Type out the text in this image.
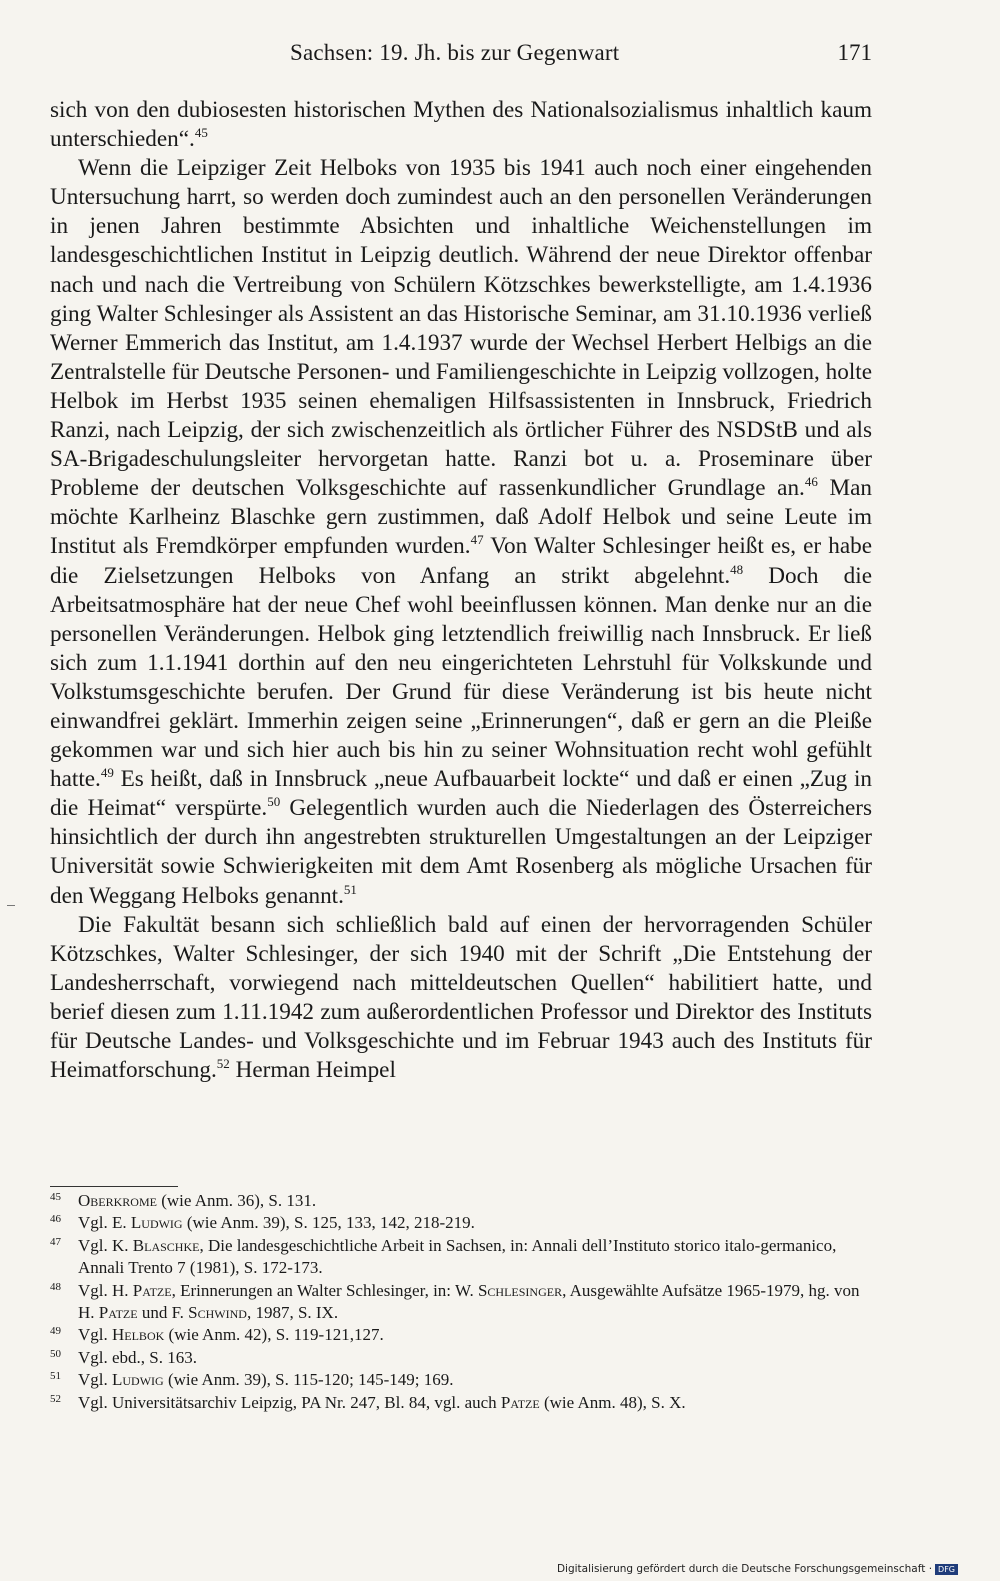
Sachsen: 19. Jh. bis zur Gegenwart	171

sich von den dubiosesten historischen Mythen des Nationalsozialismus inhaltlich kaum unterschieden“.$^{45}$

Wenn die Leipziger Zeit Helboks von 1935 bis 1941 auch noch einer eingehenden Untersuchung harrt, so werden doch zumindest auch an den personellen Veränderungen in jenen Jahren bestimmte Absichten und inhaltliche Weichenstellungen im landesgeschichtlichen Institut in Leipzig deutlich. Während der neue Direktor offenbar nach und nach die Vertreibung von Schülern Kötzschkes bewerkstelligte, am 1.4.1936 ging Walter Schlesinger als Assistent an das Historische Seminar, am 31.10.1936 verließ Werner Emmerich das Institut, am 1.4.1937 wurde der Wechsel Herbert Helbigs an die Zentralstelle für Deutsche Personen- und Familiengeschichte in Leipzig vollzogen, holte Helbok im Herbst 1935 seinen ehemaligen Hilfsassistenten in Innsbruck, Friedrich Ranzi, nach Leipzig, der sich zwischenzeitlich als örtlicher Führer des NSDStB und als SA-Brigadeschulungsleiter hervorgetan hatte. Ranzi bot u. a. Proseminare über Probleme der deutschen Volksgeschichte auf rassenkundlicher Grundlage an.$^{46}$ Man möchte Karlheinz Blaschke gern zustimmen, daß Adolf Helbok und seine Leute im Institut als Fremdkörper empfunden wurden.$^{47}$ Von Walter Schlesinger heißt es, er habe die Zielsetzungen Helboks von Anfang an strikt abgelehnt.$^{48}$ Doch die Arbeitsatmosphäre hat der neue Chef wohl beeinflussen können. Man denke nur an die personellen Veränderungen. Helbok ging letztendlich freiwillig nach Innsbruck. Er ließ sich zum 1.1.1941 dorthin auf den neu eingerichteten Lehrstuhl für Volkskunde und Volkstumsgeschichte berufen. Der Grund für diese Veränderung ist bis heute nicht einwandfrei geklärt. Immerhin zeigen seine „Erinnerungen“, daß er gern an die Pleiße gekommen war und sich hier auch bis hin zu seiner Wohnsituation recht wohl gefühlt hatte.$^{49}$ Es heißt, daß in Innsbruck „neue Aufbauarbeit lockte“ und daß er einen „Zug in die Heimat“ verspürte.$^{50}$ Gelegentlich wurden auch die Niederlagen des Österreichers hinsichtlich der durch ihn angestrebten strukturellen Umgestaltungen an der Leipziger Universität sowie Schwierigkeiten mit dem Amt Rosenberg als mögliche Ursachen für den Weggang Helboks genannt.$^{51}$

Die Fakultät besann sich schließlich bald auf einen der hervorragenden Schüler Kötzschkes, Walter Schlesinger, der sich 1940 mit der Schrift „Die Entstehung der Landesherrschaft, vorwiegend nach mitteldeutschen Quellen“ habilitiert hatte, und berief diesen zum 1.11.1942 zum außerordentlichen Professor und Direktor des Instituts für Deutsche Landes- und Volksgeschichte und im Februar 1943 auch des Instituts für Heimatforschung.$^{52}$ Herman Heimpel

45 Oberkrome (wie Anm. 36), S. 131.
46 Vgl. E. Ludwig (wie Anm. 39), S. 125, 133, 142, 218-219.
47 Vgl. K. Blaschke, Die landesgeschichtliche Arbeit in Sachsen, in: Annali dell’Instituto storico italo-germanico, Annali Trento 7 (1981), S. 172-173.
48 Vgl. H. Patze, Erinnerungen an Walter Schlesinger, in: W. Schlesinger, Ausgewählte Aufsätze 1965-1979, hg. von H. Patze und F. Schwind, 1987, S. IX.
49 Vgl. Helbok (wie Anm. 42), S. 119-121,127.
50 Vgl. ebd., S. 163.
51 Vgl. Ludwig (wie Anm. 39), S. 115-120; 145-149; 169.
52 Vgl. Universitätsarchiv Leipzig, PA Nr. 247, Bl. 84, vgl. auch Patze (wie Anm. 48), S. X.
Digitalisierung gefördert durch die Deutsche Forschungsgemeinschaft · DFG
